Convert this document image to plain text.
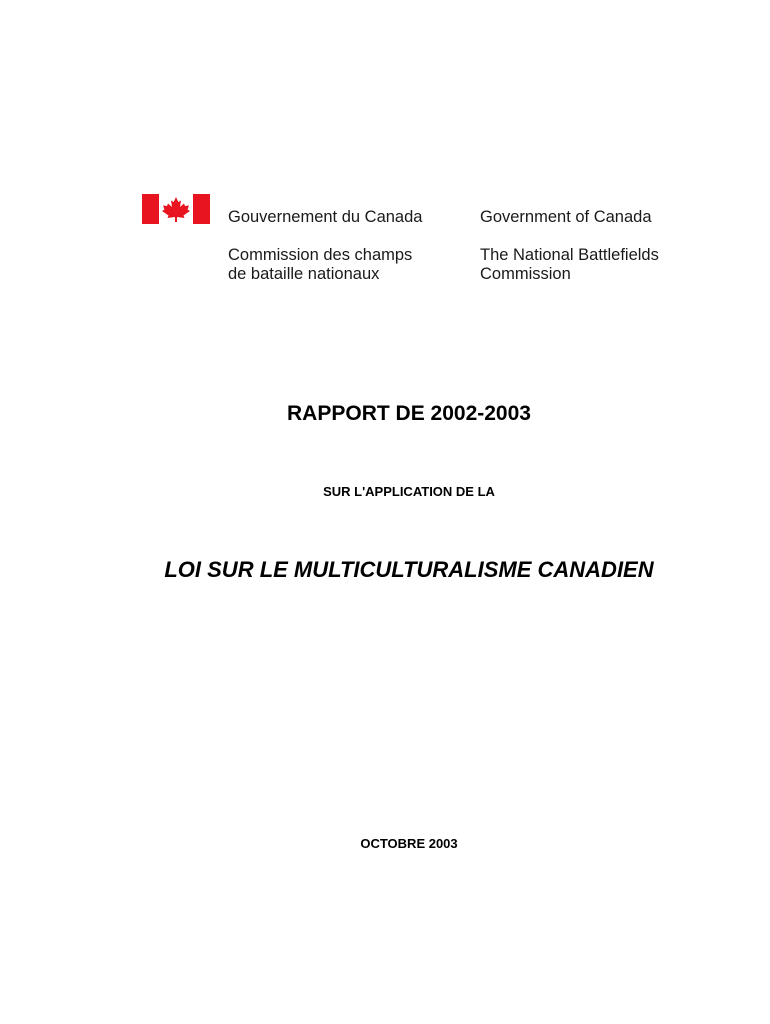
Gouvernement du Canada	Government of Canada
Commission des champs
de bataille nationaux
The National Battlefields
Commission
RAPPORT DE 2002-2003
SUR L'APPLICATION DE LA
LOI SUR LE MULTICULTURALISME CANADIEN
OCTOBRE 2003
